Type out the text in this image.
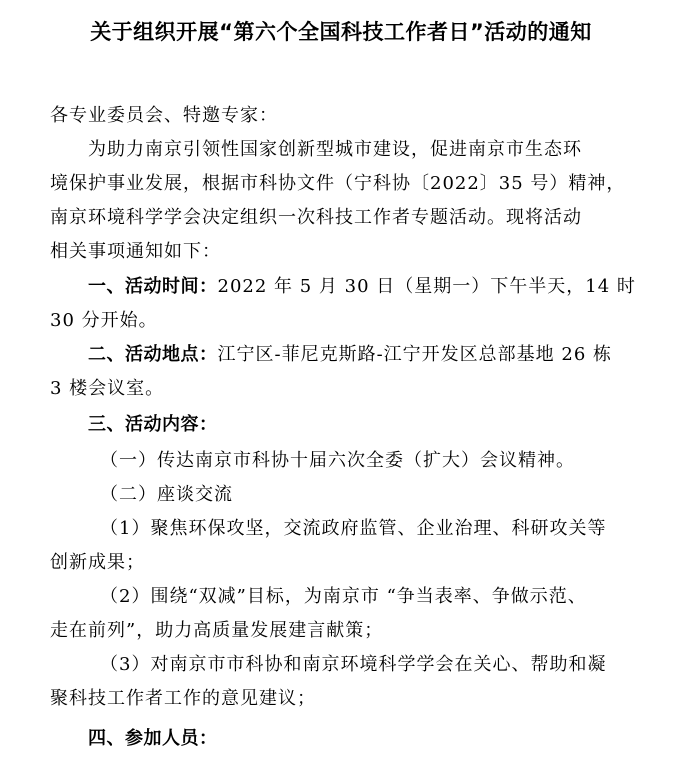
关于组织开展“第六个全国科技工作者日”活动的通知
各专业委员会、特邀专家：
为助力南京引领性国家创新型城市建设，促进南京市生态环
境保护事业发展，根据市科协文件（宁科协〔2022〕35 号）精神，
南京环境科学学会决定组织一次科技工作者专题活动。现将活动
相关事项通知如下：
一、活动时间：2022 年 5 月 30 日（星期一）下午半天，14 时
30 分开始。
二、活动地点：江宁区-菲尼克斯路-江宁开发区总部基地 26 栋
3 楼会议室。
三、活动内容：
（一）传达南京市科协十届六次全委（扩大）会议精神。
（二）座谈交流
（1）聚焦环保攻坚，交流政府监管、企业治理、科研攻关等
创新成果；
（2）围绕“双减”目标，为南京市 “争当表率、争做示范、
走在前列”，助力高质量发展建言献策；
（3）对南京市市科协和南京环境科学学会在关心、帮助和凝
聚科技工作者工作的意见建议；
四、参加人员：
